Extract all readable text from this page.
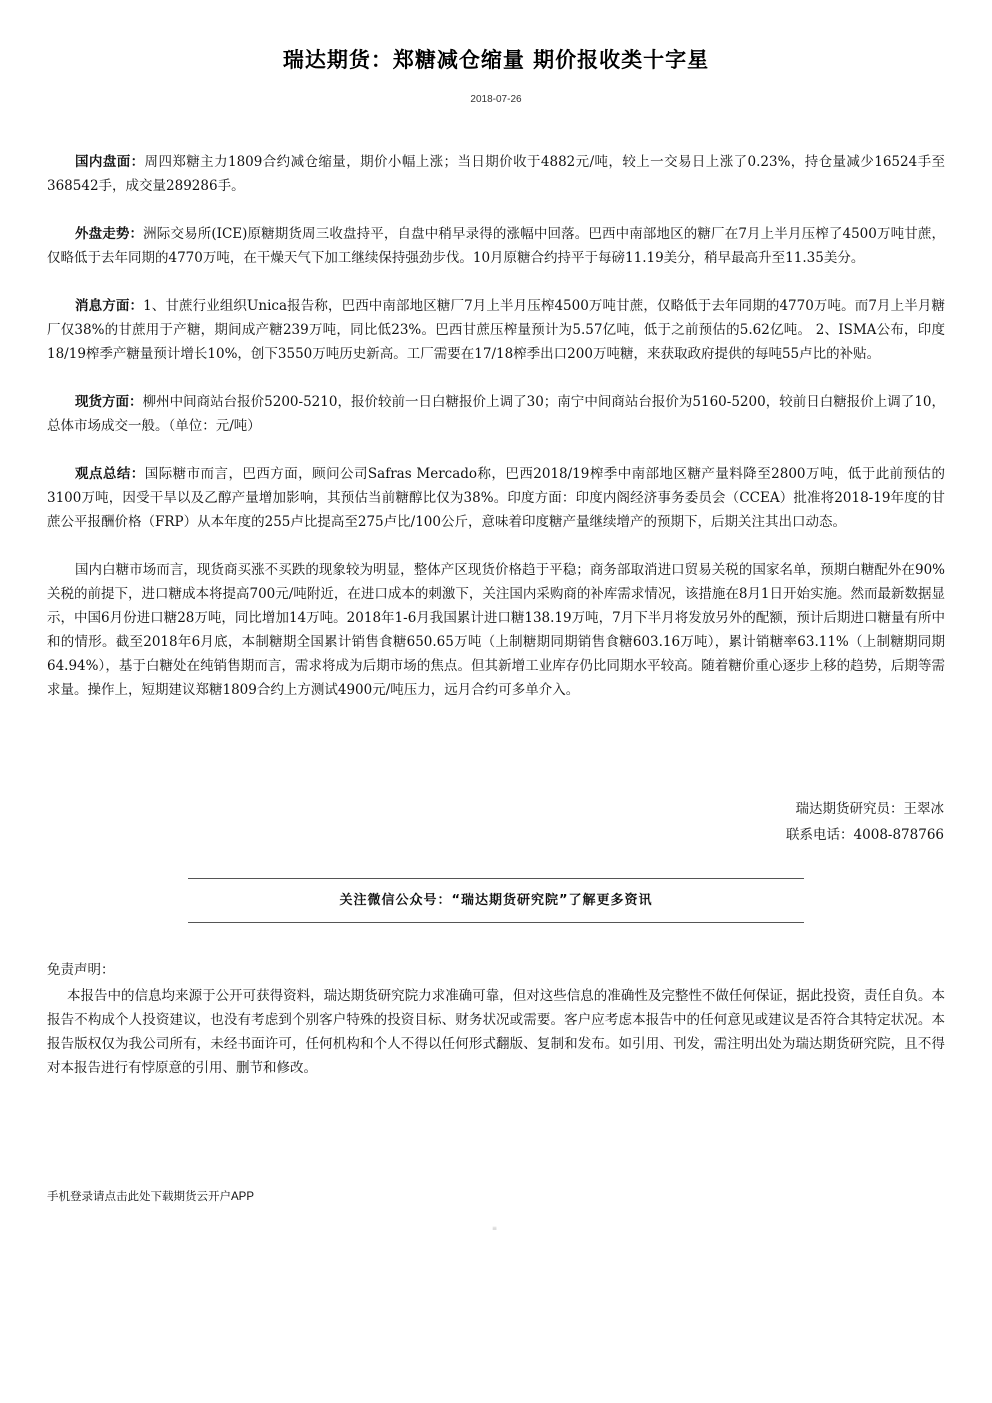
瑞达期货：郑糖减仓缩量 期价报收类十字星
2018-07-26

国内盘面：周四郑糖主力1809合约减仓缩量，期价小幅上涨；当日期价收于4882元/吨，较上一交易日上涨了0.23%，持仓量减少16524手至368542手，成交量289286手。

外盘走势：洲际交易所(ICE)原糖期货周三收盘持平，自盘中稍早录得的涨幅中回落。巴西中南部地区的糖厂在7月上半月压榨了4500万吨甘蔗，仅略低于去年同期的4770万吨，在干燥天气下加工继续保持强劲步伐。10月原糖合约持平于每磅11.19美分，稍早最高升至11.35美分。

消息方面：1、甘蔗行业组织Unica报告称，巴西中南部地区糖厂7月上半月压榨4500万吨甘蔗，仅略低于去年同期的4770万吨。而7月上半月糖厂仅38%的甘蔗用于产糖，期间成产糖239万吨，同比低23%。巴西甘蔗压榨量预计为5.57亿吨，低于之前预估的5.62亿吨。 2、ISMA公布，印度18/19榨季产糖量预计增长10%，创下3550万吨历史新高。工厂需要在17/18榨季出口200万吨糖，来获取政府提供的每吨55卢比的补贴。

现货方面：柳州中间商站台报价5200-5210，报价较前一日白糖报价上调了30；南宁中间商站台报价为5160-5200，较前日白糖报价上调了10，总体市场成交一般。（单位：元/吨）

观点总结：国际糖市而言，巴西方面，顾问公司Safras Mercado称，巴西2018/19榨季中南部地区糖产量料降至2800万吨，低于此前预估的3100万吨，因受干旱以及乙醇产量增加影响，其预估当前糖醇比仅为38%。印度方面：印度内阁经济事务委员会（CCEA）批准将2018-19年度的甘蔗公平报酬价格（FRP）从本年度的255卢比提高至275卢比/100公斤，意味着印度糖产量继续增产的预期下，后期关注其出口动态。

国内白糖市场而言，现货商买涨不买跌的现象较为明显，整体产区现货价格趋于平稳；商务部取消进口贸易关税的国家名单，预期白糖配外在90%关税的前提下，进口糖成本将提高700元/吨附近，在进口成本的刺激下，关注国内采购商的补库需求情况，该措施在8月1日开始实施。然而最新数据显示，中国6月份进口糖28万吨，同比增加14万吨。2018年1-6月我国累计进口糖138.19万吨，7月下半月将发放另外的配额，预计后期进口糖量有所中和的情形。截至2018年6月底，本制糖期全国累计销售食糖650.65万吨（上制糖期同期销售食糖603.16万吨），累计销糖率63.11%（上制糖期同期64.94%），基于白糖处在纯销售期而言，需求将成为后期市场的焦点。但其新增工业库存仍比同期水平较高。随着糖价重心逐步上移的趋势，后期等需求量。操作上，短期建议郑糖1809合约上方测试4900元/吨压力，远月合约可多单介入。

瑞达期货研究员：王翠冰
联系电话：4008-878766
关注微信公众号：“瑞达期货研究院”了解更多资讯
免责声明：
本报告中的信息均来源于公开可获得资料，瑞达期货研究院力求准确可靠，但对这些信息的准确性及完整性不做任何保证，据此投资，责任自负。本报告不构成个人投资建议，也没有考虑到个别客户特殊的投资目标、财务状况或需要。客户应考虑本报告中的任何意见或建议是否符合其特定状况。本报告版权仅为我公司所有，未经书面许可，任何机构和个人不得以任何形式翻版、复制和发布。如引用、刊发，需注明出处为瑞达期货研究院，且不得对本报告进行有悖原意的引用、删节和修改。
手机登录请点击此处下载期货云开户APP
≡
